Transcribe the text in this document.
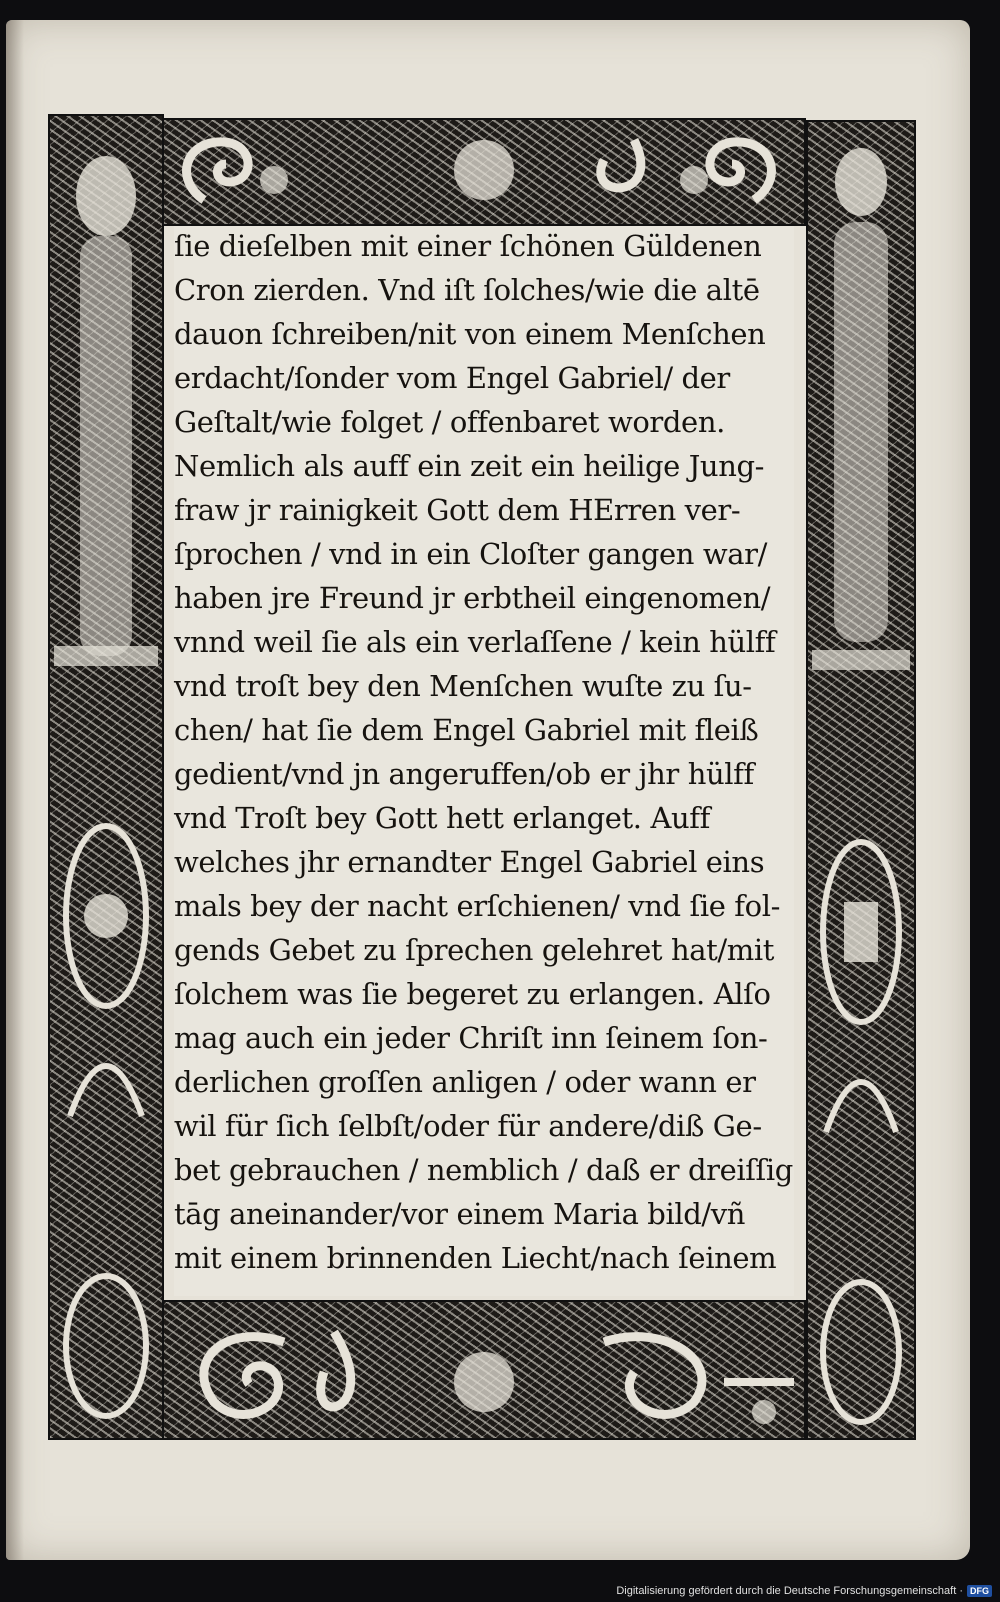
ſie dieſelben mit einer ſchönen Güldenen
Cron zierden. Vnd iſt ſolches/wie die altē
dauon ſchreiben/nit von einem Menſchen
erdacht/ſonder vom Engel Gabriel/ der
Geſtalt/wie folget / offenbaret worden.
Nemlich als auff ein zeit ein heilige Jung-
fraw jr rainigkeit Gott dem HErren ver-
ſprochen / vnd in ein Cloſter gangen war/
haben jre Freund jr erbtheil eingenomen/
vnnd weil ſie als ein verlaſſene / kein hülff
vnd troſt bey den Menſchen wuſte zu ſu-
chen/ hat ſie dem Engel Gabriel mit fleiß
gedient/vnd jn angeruffen/ob er jhr hülff
vnd Troſt bey Gott hett erlanget. Auff
welches jhr ernandter Engel Gabriel eins
mals bey der nacht erſchienen/ vnd ſie fol-
gends Gebet zu ſprechen gelehret hat/mit
ſolchem was ſie begeret zu erlangen. Alſo
mag auch ein jeder Chriſt inn ſeinem ſon-
derlichen groſſen anligen / oder wann er
wil für ſich ſelbſt/oder für andere/diß Ge-
bet gebrauchen / nemblich / daß er dreiſſig
tāg aneinander/vor einem Maria bild/vñ
mit einem brinnenden Liecht/nach ſeinem
Digitalisierung gefördert durch die Deutsche Forschungsgemeinschaft · DFG
